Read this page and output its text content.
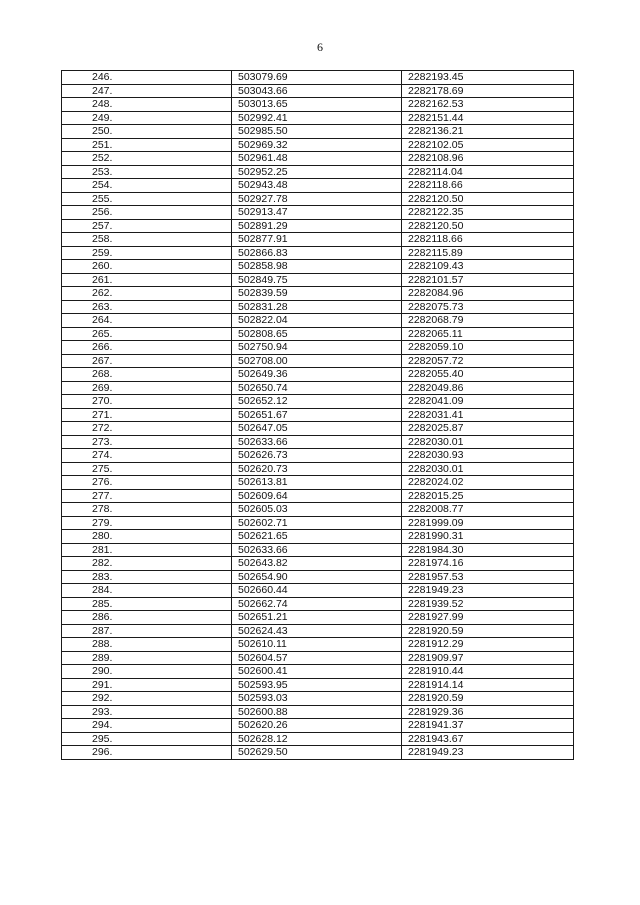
6
246.	503079.69	2282193.45
247.	503043.66	2282178.69
248.	503013.65	2282162.53
249.	502992.41	2282151.44
250.	502985.50	2282136.21
251.	502969.32	2282102.05
252.	502961.48	2282108.96
253.	502952.25	2282114.04
254.	502943.48	2282118.66
255.	502927.78	2282120.50
256.	502913.47	2282122.35
257.	502891.29	2282120.50
258.	502877.91	2282118.66
259.	502866.83	2282115.89
260.	502858.98	2282109.43
261.	502849.75	2282101.57
262.	502839.59	2282084.96
263.	502831.28	2282075.73
264.	502822.04	2282068.79
265.	502808.65	2282065.11
266.	502750.94	2282059.10
267.	502708.00	2282057.72
268.	502649.36	2282055.40
269.	502650.74	2282049.86
270.	502652.12	2282041.09
271.	502651.67	2282031.41
272.	502647.05	2282025.87
273.	502633.66	2282030.01
274.	502626.73	2282030.93
275.	502620.73	2282030.01
276.	502613.81	2282024.02
277.	502609.64	2282015.25
278.	502605.03	2282008.77
279.	502602.71	2281999.09
280.	502621.65	2281990.31
281.	502633.66	2281984.30
282.	502643.82	2281974.16
283.	502654.90	2281957.53
284.	502660.44	2281949.23
285.	502662.74	2281939.52
286.	502651.21	2281927.99
287.	502624.43	2281920.59
288.	502610.11	2281912.29
289.	502604.57	2281909.97
290.	502600.41	2281910.44
291.	502593.95	2281914.14
292.	502593.03	2281920.59
293.	502600.88	2281929.36
294.	502620.26	2281941.37
295.	502628.12	2281943.67
296.	502629.50	2281949.23
